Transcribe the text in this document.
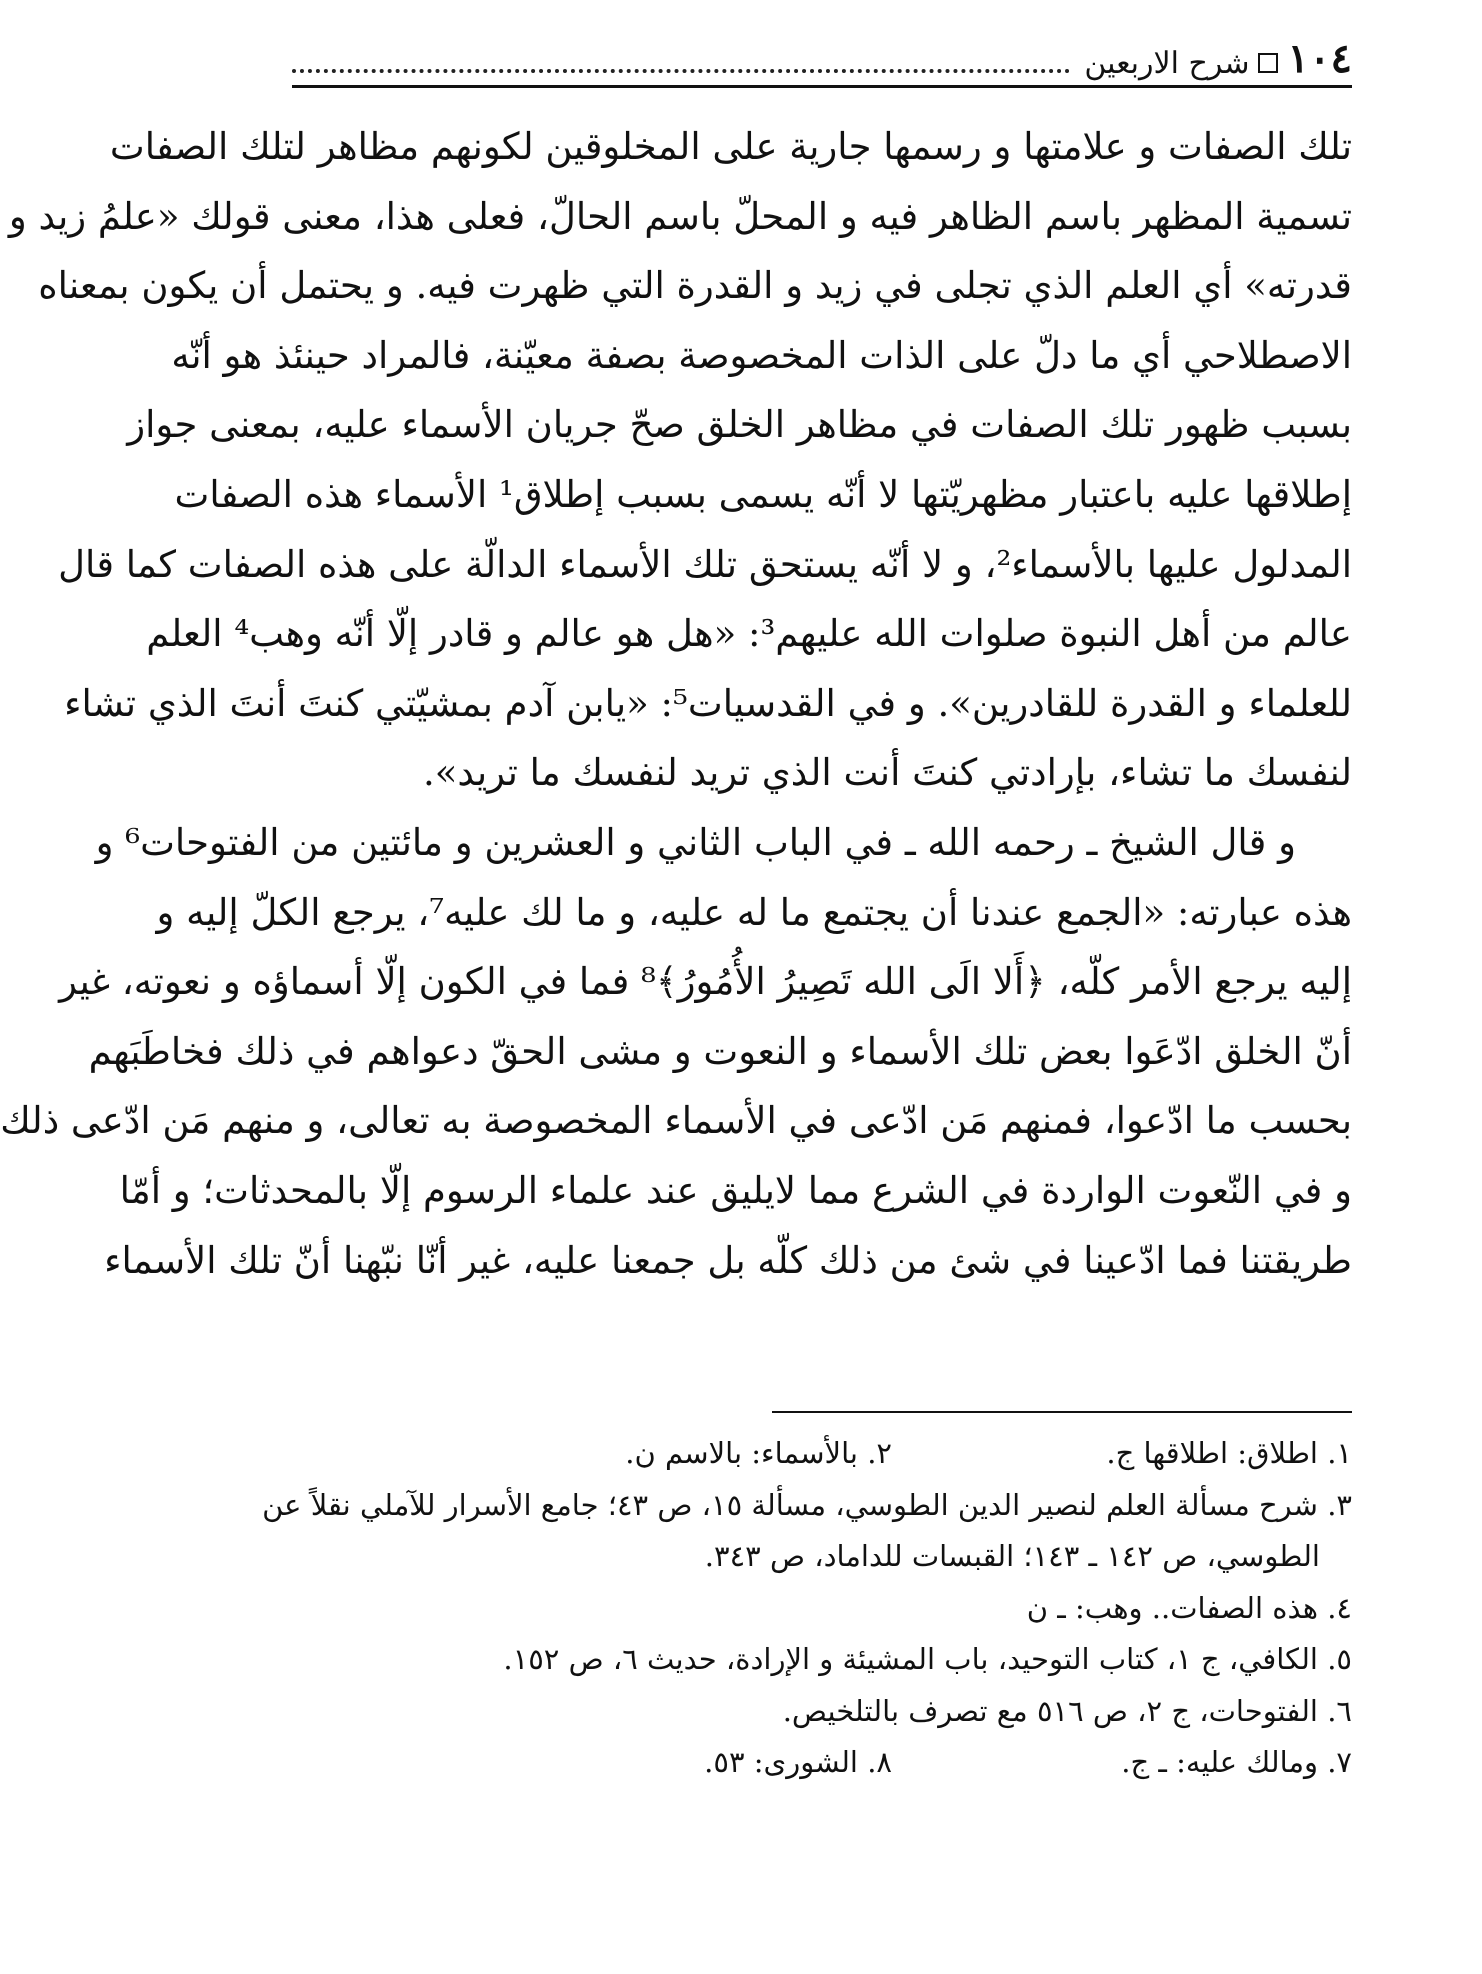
١٠٤
شرح الاربعين
تلك الصفات و علامتها و رسمها جارية على المخلوقين لكونهم مظاهر لتلك الصفات
تسمية المظهر باسم الظاهر فيه و المحلّ باسم الحالّ، فعلى هذا، معنى قولك «علمُ زيد و
قدرته» أي العلم الذي تجلى في زيد و القدرة التي ظهرت فيه. و يحتمل أن يكون بمعناه
الاصطلاحي أي ما دلّ على الذات المخصوصة بصفة معيّنة، فالمراد حينئذ هو أنّه
بسبب ظهور تلك الصفات في مظاهر الخلق صحّ جريان الأسماء عليه، بمعنى جواز
إطلاقها عليه باعتبار مظهريّتها لا أنّه يسمى بسبب إطلاق¹ الأسماء هذه الصفات
المدلول عليها بالأسماء²، و لا أنّه يستحق تلك الأسماء الدالّة على هذه الصفات كما قال
عالم من أهل النبوة صلوات الله عليهم³: «هل هو عالم و قادر إلّا أنّه وهب⁴ العلم
للعلماء و القدرة للقادرين». و في القدسيات⁵: «يابن آدم بمشيّتي كنتَ أنتَ الذي تشاء
لنفسك ما تشاء، بإرادتي كنتَ أنت الذي تريد لنفسك ما تريد».
و قال الشيخ ـ رحمه الله ـ في الباب الثاني و العشرين و مائتين من الفتوحات⁶ و
هذه عبارته: «الجمع عندنا أن يجتمع ما له عليه، و ما لك عليه⁷، يرجع الكلّ إليه و
إليه يرجع الأمر كلّه، ﴿أَلا الَى الله تَصِيرُ الأُمُورُ﴾⁸ فما في الكون إلّا أسماؤه و نعوته، غير
أنّ الخلق ادّعَوا بعض تلك الأسماء و النعوت و مشى الحقّ دعواهم في ذلك فخاطَبَهم
بحسب ما ادّعوا، فمنهم مَن ادّعى في الأسماء المخصوصة به تعالى، و منهم مَن ادّعى ذلك
و في النّعوت الواردة في الشرع مما لايليق عند علماء الرسوم إلّا بالمحدثات؛ و أمّا
طريقتنا فما ادّعينا في شئ من ذلك كلّه بل جمعنا عليه، غير أنّا نبّهنا أنّ تلك الأسماء
١. اطلاق: اطلاقها ج.
٢. بالأسماء: بالاسم ن.
٣. شرح مسألة العلم لنصير الدين الطوسي، مسألة ١٥، ص ٤٣؛ جامع الأسرار للآملي نقلاً عن
الطوسي، ص ١٤٢ ـ ١٤٣؛ القبسات للداماد، ص ٣٤٣.
٤. هذه الصفات.. وهب: ـ ن
٥. الكافي، ج ١، كتاب التوحيد، باب المشيئة و الإرادة، حديث ٦، ص ١٥٢.
٦. الفتوحات، ج ٢، ص ٥١٦ مع تصرف بالتلخيص.
٧. ومالك عليه: ـ ج.
٨. الشورى: ٥٣.
